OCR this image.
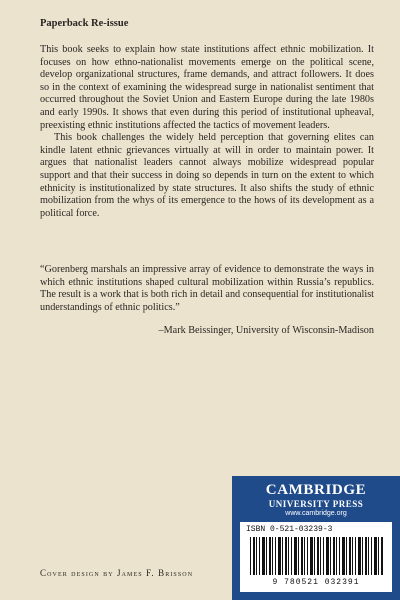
Paperback Re-issue

This book seeks to explain how state institutions affect ethnic mobilization. It focuses on how ethno-nationalist movements emerge on the political scene, develop organizational structures, frame demands, and attract followers. It does so in the context of examining the widespread surge in nationalist sentiment that occurred throughout the Soviet Union and Eastern Europe during the late 1980s and early 1990s. It shows that even during this period of institutional upheaval, preexisting ethnic institutions affected the tactics of movement leaders.

This book challenges the widely held perception that governing elites can kindle latent ethnic grievances virtually at will in order to maintain power. It argues that nationalist leaders cannot always mobilize widespread popular support and that their success in doing so depends in turn on the extent to which ethnicity is institutionalized by state structures. It also shifts the study of ethnic mobilization from the whys of its emergence to the hows of its development as a political force.

“Gorenberg marshals an impressive array of evidence to demonstrate the ways in which ethnic institutions shaped cultural mobilization within Russia’s republics. The result is a work that is both rich in detail and consequential for institutionalist understandings of ethnic politics.”

–Mark Beissinger, University of Wisconsin-Madison
CAMBRIDGE
UNIVERSITY PRESS
www.cambridge.org
ISBN 0-521-03239-3
9 780521 032391
Cover design by James F. Brisson
